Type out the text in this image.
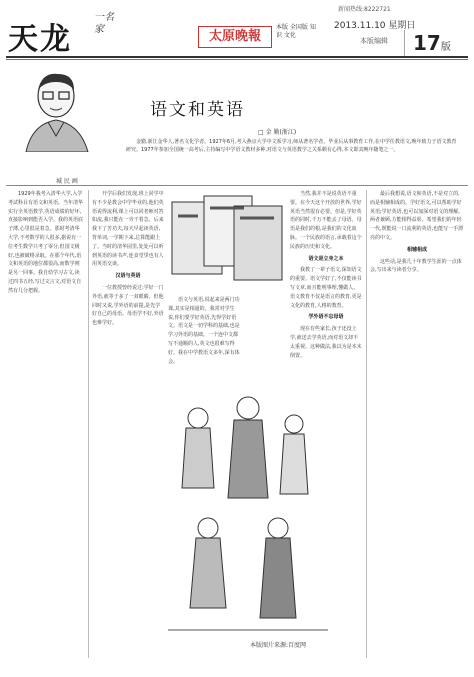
天龙
一名家	太原晚報
本版 全国版 知识 文化
新闻热线:8222721
2013.11.10 星期日
本版编辑	17版
城 民 画
语文和英语
□ 金 勤(浙江)
金勤,浙江金华人,著名文化学者。1927年6月,考入燕京大学中文系学习,师从著名学者。毕业后从事教育工作,在中学任教语文,晚年致力于语文教育研究。1977年参加全国统一高考后,主持编写中学语文教材多种,对语文与英语教学之关系颇有心得,本文即其晚年随笔之一。

1929年我考入清华大学,入学考试科目有语文和英语。当年清华实行全英语教学,英语成绩的好坏,直接影响到能否入学。我的英语底子薄,心里很是着急。那时考清华大学,不考数学的人很多,据说有一位考生数学只考了零分,但国文极好,也被破格录取。在那个年代,语文和英语的地位都很高,而数学则是另一回事。我自幼学习古文,读过四书五经,写过文言文,对语文自然有几分把握。

开学后我们发现,班上同学中有不少是教会中学毕业的,他们英语说得流利,课上可以同老师对答如流,我只能在一旁干着急。后来我下了苦功夫,每天早起读英语,背单词,一学期下来,总算能跟上了。当时的清华园里,处处可以听到英语的读书声,连食堂里也有人用英语交谈。

汉语与英语

一位教授曾经说过:学好一门外语,就等于多了一双眼睛。但他同时又说,学外语的前提,是先学好自己的母语。母语学不好,外语也难学好。

语文与英语,说起来是两门功课,其实是相通的。我常对学生说,你们要学好英语,先得学好语文。语文是一切学科的基础,也是学习外语的基础。一个连中文都写不通顺的人,英文也很难写得好。我在中学教语文多年,深有体会。

当然,我并不是说英语不重要。在今天这个开放的世界,学好英语当然很有必要。但是,学好英语的同时,千万不能丢了母语。母语是我们的根,是我们的文化血脉。一个民族的语言,承载着这个民族的历史和文化。

语文是立身之本

我教了一辈子语文,深知语文的重要。语文学好了,不仅能读书写文章,而且能明事理,懂做人。语文教育不仅是语言的教育,更是文化的教育,人格的教育。

学外语不忘母语

现在有些家长,孩子还没上学,就送去学英语,而对语文却不太重视。这种做法,我以为是本末倒置。

最后我想说,语文和英语,不是对立的,而是相辅相成的。学好语文,可以帮助学好英语;学好英语,也可以加深对语文的理解。两者兼顾,方能相得益彰。希望我们的年轻一代,既能说一口流利的英语,也能写一手漂亮的中文。

相辅相成

这些话,是我几十年教学生涯的一点体会,写出来与读者分享。

本版图片来源:百度网
